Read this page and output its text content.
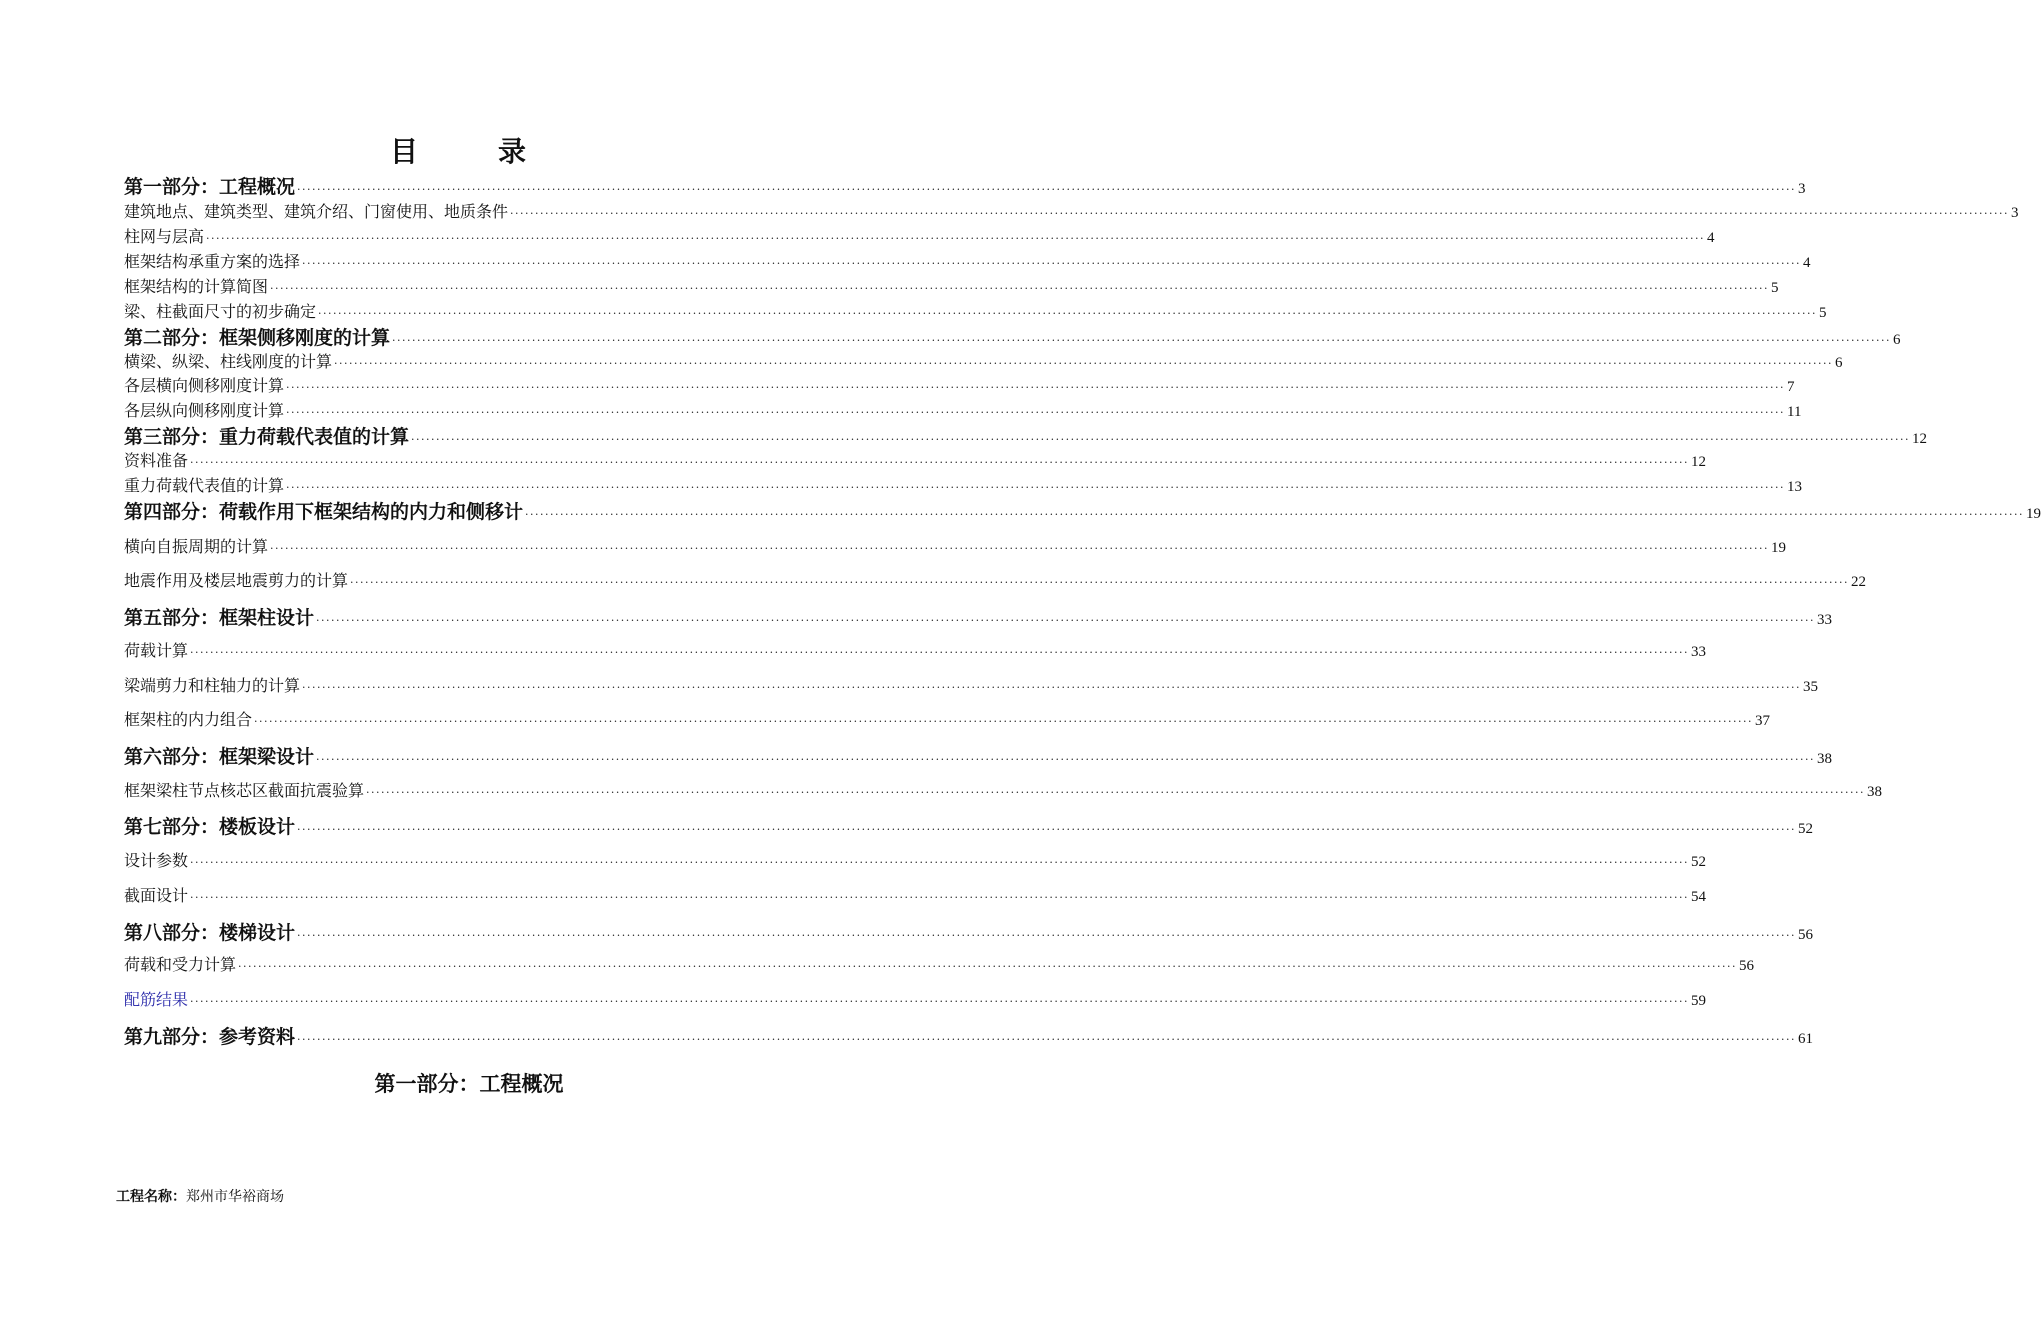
目　录
第一部分：工程概况 ············································································································································································································································································································ 3
建筑地点、建筑类型、建筑介绍、门窗使用、地质条件 ············································································································································································································································································································ 3
柱网与层高 ············································································································································································································································································································ 4
框架结构承重方案的选择 ············································································································································································································································································································ 4
框架结构的计算简图 ············································································································································································································································································································ 5
梁、柱截面尺寸的初步确定 ············································································································································································································································································································ 5
第二部分：框架侧移刚度的计算 ············································································································································································································································································································ 6
横梁、纵梁、柱线刚度的计算 ············································································································································································································································································································ 6
各层横向侧移刚度计算 ············································································································································································································································································································ 7
各层纵向侧移刚度计算 ············································································································································································································································································································ 11
第三部分：重力荷载代表值的计算 ············································································································································································································································································································ 12
资料准备 ············································································································································································································································································································ 12
重力荷载代表值的计算 ············································································································································································································································································································ 13
第四部分：荷载作用下框架结构的内力和侧移计 ············································································································································································································································································································ 19
横向自振周期的计算 ············································································································································································································································································································ 19
地震作用及楼层地震剪力的计算 ············································································································································································································································································································ 22
第五部分：框架柱设计 ············································································································································································································································································································ 33
荷载计算 ············································································································································································································································································································ 33
梁端剪力和柱轴力的计算 ············································································································································································································································································································ 35
框架柱的内力组合 ············································································································································································································································································································ 37
第六部分：框架梁设计 ············································································································································································································································································································ 38
框架梁柱节点核芯区截面抗震验算 ············································································································································································································································································································ 38
第七部分：楼板设计 ············································································································································································································································································································ 52
设计参数 ············································································································································································································································································································ 52
截面设计 ············································································································································································································································································································ 54
第八部分：楼梯设计 ············································································································································································································································································································ 56
荷载和受力计算 ············································································································································································································································································································ 56
配筋结果 ············································································································································································································································································································ 59
第九部分：参考资料 ············································································································································································································································································································ 61
第一部分：工程概况
工程名称：郑州市华裕商场
